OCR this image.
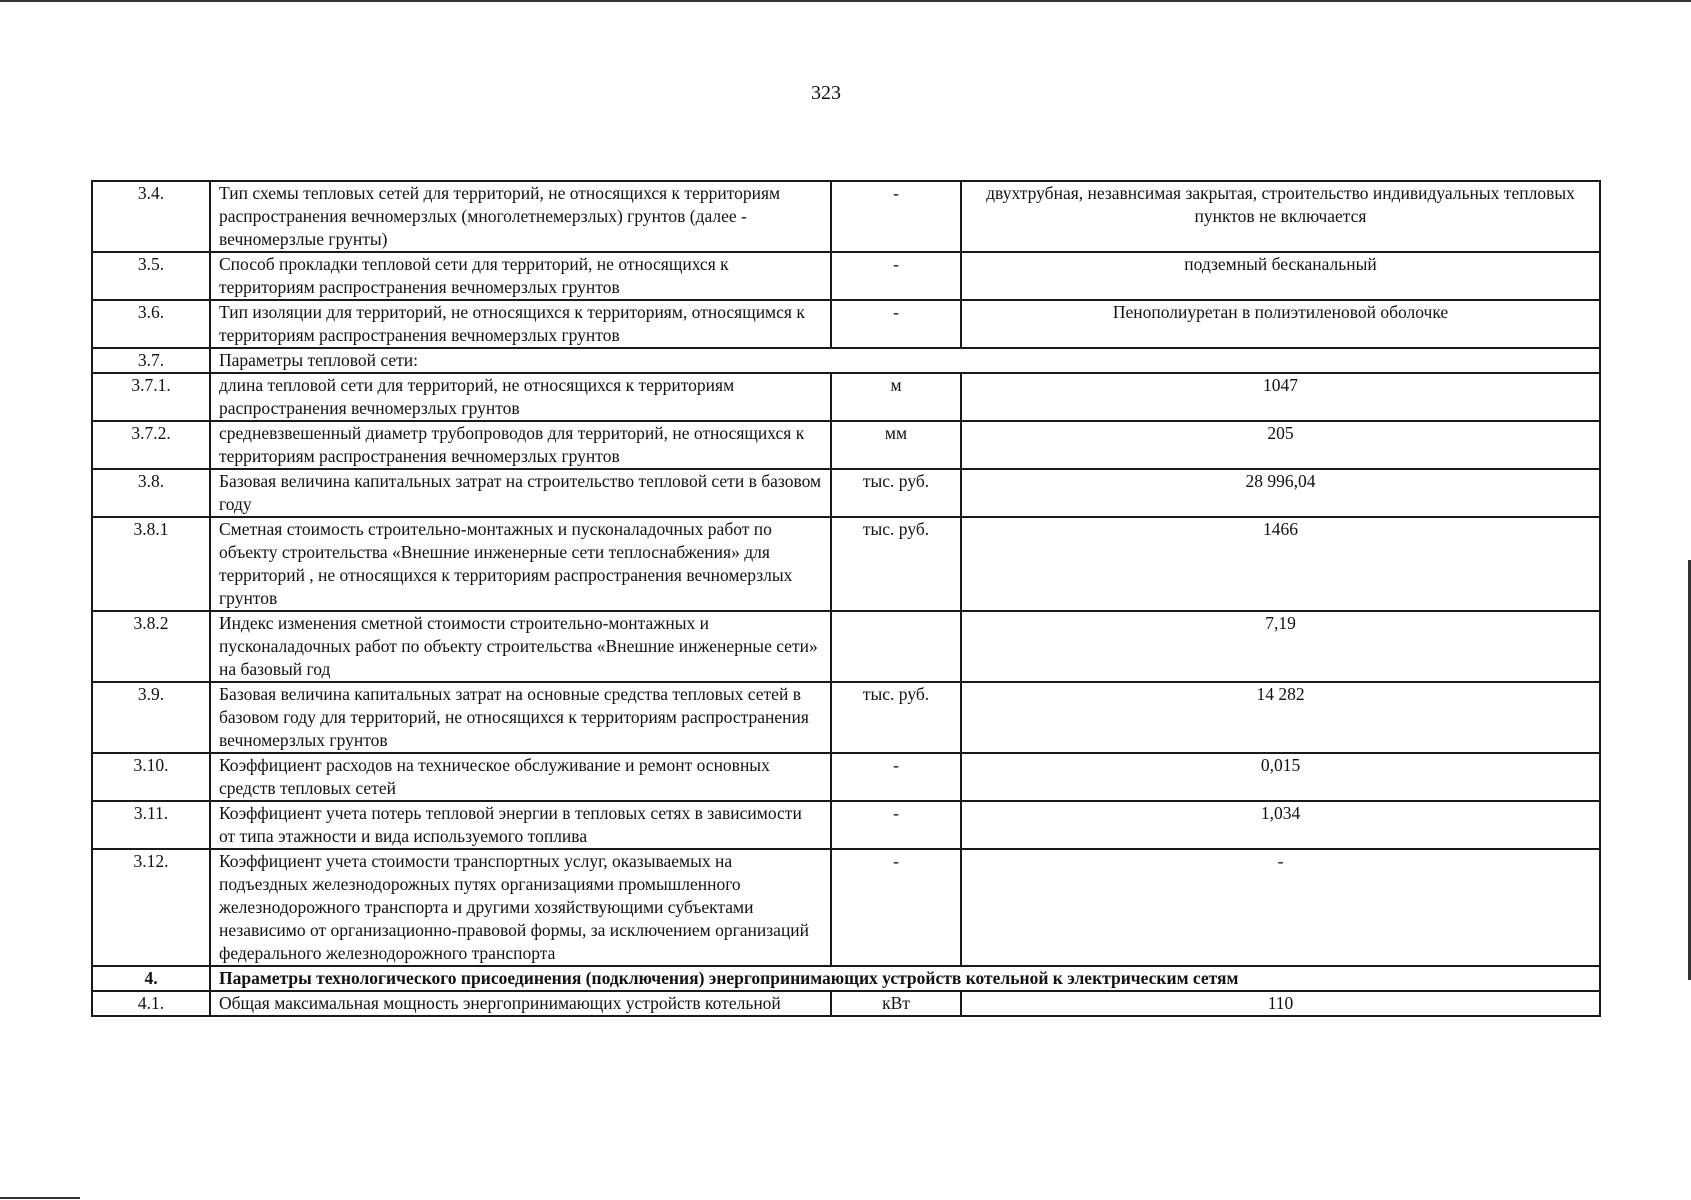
323
3.4.	Тип схемы тепловых сетей для территорий, не относящихся к территориям распространения вечномерзлых (многолетнемерзлых) грунтов (далее - вечномерзлые грунты)	-	двухтрубная, незавнсимая закрытая, строительство индивидуальных тепловых пунктов не включается
3.5.	Способ прокладки тепловой сети для территорий, не относящихся к территориям распространения вечномерзлых грунтов	-	подземный бесканальный
3.6.	Тип изоляции для территорий, не относящихся к территориям, относящимся к территориям распространения вечномерзлых грунтов	-	Пенополиуретан в полиэтиленовой оболочке
3.7.	Параметры тепловой сети:		
3.7.1.	длина тепловой сети для территорий, не относящихся к территориям распространения вечномерзлых грунтов	м	1047
3.7.2.	средневзвешенный диаметр трубопроводов для территорий, не относящихся к территориям распространения вечномерзлых грунтов	мм	205
3.8.	Базовая величина капитальных затрат на строительство тепловой сети в базовом году	тыс. руб.	28 996,04
3.8.1	Сметная стоимость строительно-монтажных и пусконаладочных работ по объекту строительства «Внешние инженерные сети теплоснабжения» для территорий , не относящихся к территориям распространения вечномерзлых грунтов	тыс. руб.	1466
3.8.2	Индекс изменения сметной стоимости строительно-монтажных и пусконаладочных работ по объекту строительства «Внешние инженерные сети» на базовый год		7,19
3.9.	Базовая величина капитальных затрат на основные средства тепловых сетей в базовом году для территорий, не относящихся к территориям распространения вечномерзлых грунтов	тыс. руб.	14 282
3.10.	Коэффициент расходов на техническое обслуживание и ремонт основных средств тепловых сетей	-	0,015
3.11.	Коэффициент учета потерь тепловой энергии в тепловых сетях в зависимости от типа этажности и вида используемого топлива	-	1,034
3.12.	Коэффициент учета стоимости транспортных услуг, оказываемых на подъездных железнодорожных путях организациями промышленного железнодорожного транспорта и другими хозяйствующими субъектами независимо от организационно-правовой формы, за исключением организаций федерального железнодорожного транспорта	-	-
4.	Параметры технологического присоединения (подключения) энергопринимающих устройств котельной к электрическим сетям		
4.1.	Общая максимальная мощность энергопринимающих устройств котельной	кВт	110
